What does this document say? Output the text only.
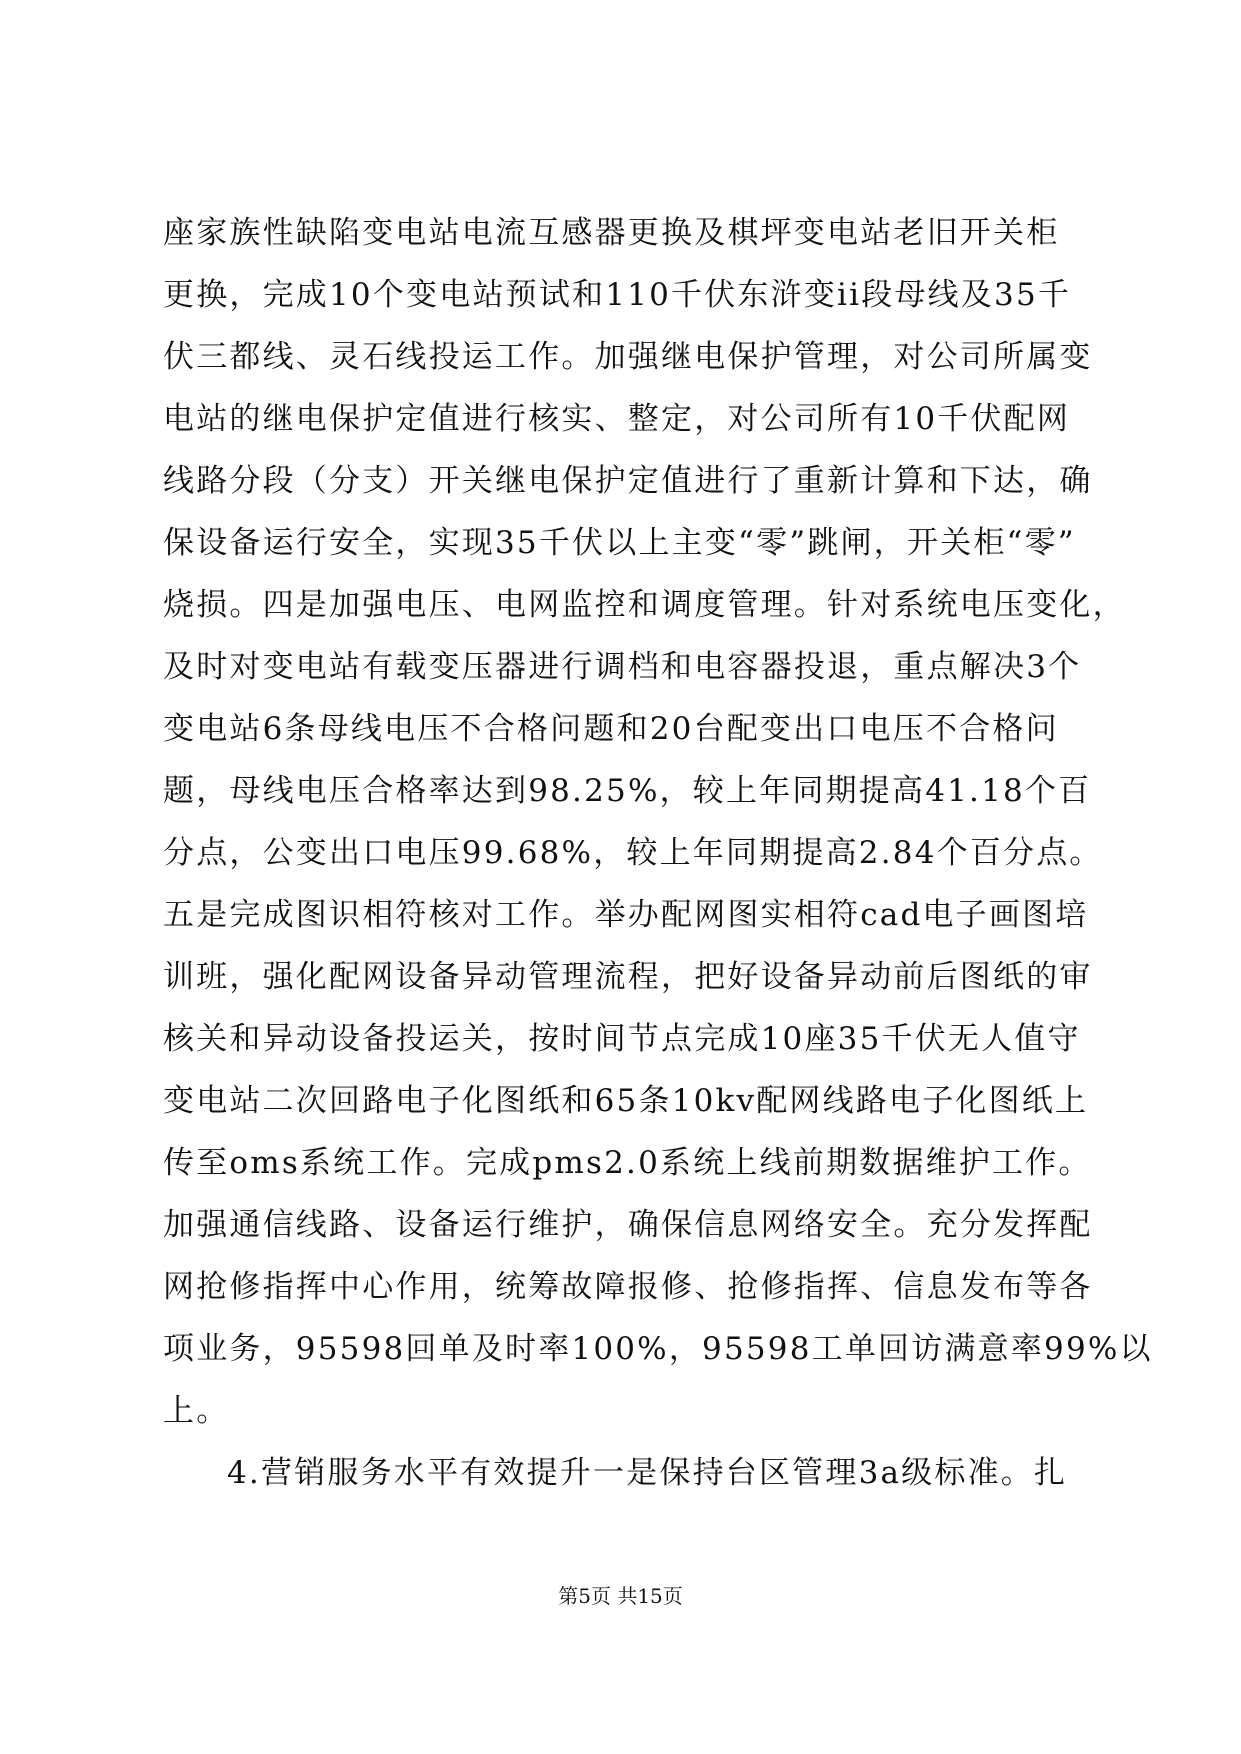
座家族性缺陷变电站电流互感器更换及棋坪变电站老旧开关柜
更换，完成10个变电站预试和110千伏东浒变ii段母线及35千
伏三都线、灵石线投运工作。加强继电保护管理，对公司所属变
电站的继电保护定值进行核实、整定，对公司所有10千伏配网
线路分段（分支）开关继电保护定值进行了重新计算和下达，确
保设备运行安全，实现35千伏以上主变“零”跳闸，开关柜“零”
烧损。四是加强电压、电网监控和调度管理。针对系统电压变化，
及时对变电站有载变压器进行调档和电容器投退，重点解决3个
变电站6条母线电压不合格问题和20台配变出口电压不合格问
题，母线电压合格率达到98.25%，较上年同期提高41.18个百
分点，公变出口电压99.68%，较上年同期提高2.84个百分点。
五是完成图识相符核对工作。举办配网图实相符cad电子画图培
训班，强化配网设备异动管理流程，把好设备异动前后图纸的审
核关和异动设备投运关，按时间节点完成10座35千伏无人值守
变电站二次回路电子化图纸和65条10kv配网线路电子化图纸上
传至oms系统工作。完成pms2.0系统上线前期数据维护工作。
加强通信线路、设备运行维护，确保信息网络安全。充分发挥配
网抢修指挥中心作用，统筹故障报修、抢修指挥、信息发布等各
项业务，95598回单及时率100%，95598工单回访满意率99%以
上。
4.营销服务水平有效提升一是保持台区管理3a级标准。扎
第5页 共15页
